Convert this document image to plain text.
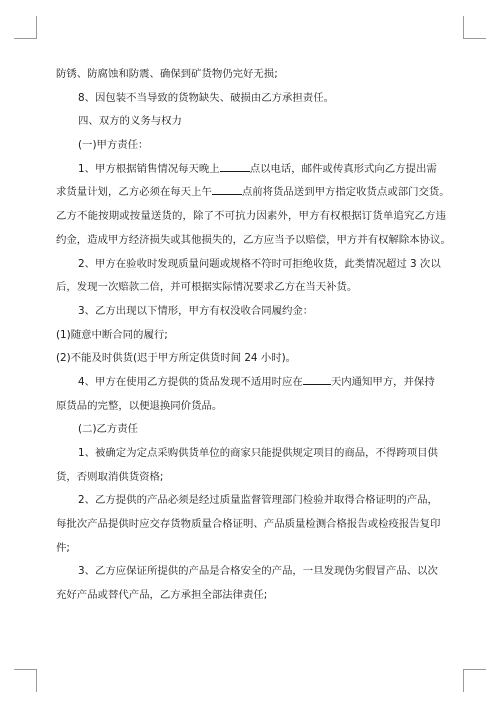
防锈、防腐蚀和防震、确保到矿货物仍完好无损;
8、因包装不当导致的货物缺失、破损由乙方承担责任。
四、双方的义务与权力
(一)甲方责任：
1、甲方根据销售情况每天晚上	点以电话，邮件或传真形式向乙方提出需
求货量计划，乙方必须在每天上午	点前将货品送到甲方指定收货点或部门交货。
乙方不能按期或按量送货的，除了不可抗力因素外，甲方有权根据订货单追究乙方违
约金，造成甲方经济损失或其他损失的，乙方应当予以赔偿，甲方并有权解除本协议。
2、甲方在验收时发现质量问题或规格不符时可拒绝收货，此类情况超过 3 次以
后，发现一次赔款二倍，并可根据实际情况要求乙方在当天补货。
3、乙方出现以下情形，甲方有权没收合同履约金：
(1)随意中断合同的履行;
(2)不能及时供货(迟于甲方所定供货时间 24 小时)。
4、甲方在使用乙方提供的货品发现不适用时应在	天内通知甲方，并保持
原货品的完整，以便退换同价货品。
(二)乙方责任
1、被确定为定点采购供货单位的商家只能提供规定项目的商品，不得跨项目供
货，否则取消供货资格;
2、乙方提供的产品必须是经过质量监督管理部门检验并取得合格证明的产品，
每批次产品提供时应交存货物质量合格证明、产品质量检测合格报告或检疫报告复印
件;
3、乙方应保证所提供的产品是合格安全的产品，一旦发现伪劣假冒产品、以次
充好产品或替代产品，乙方承担全部法律责任;
